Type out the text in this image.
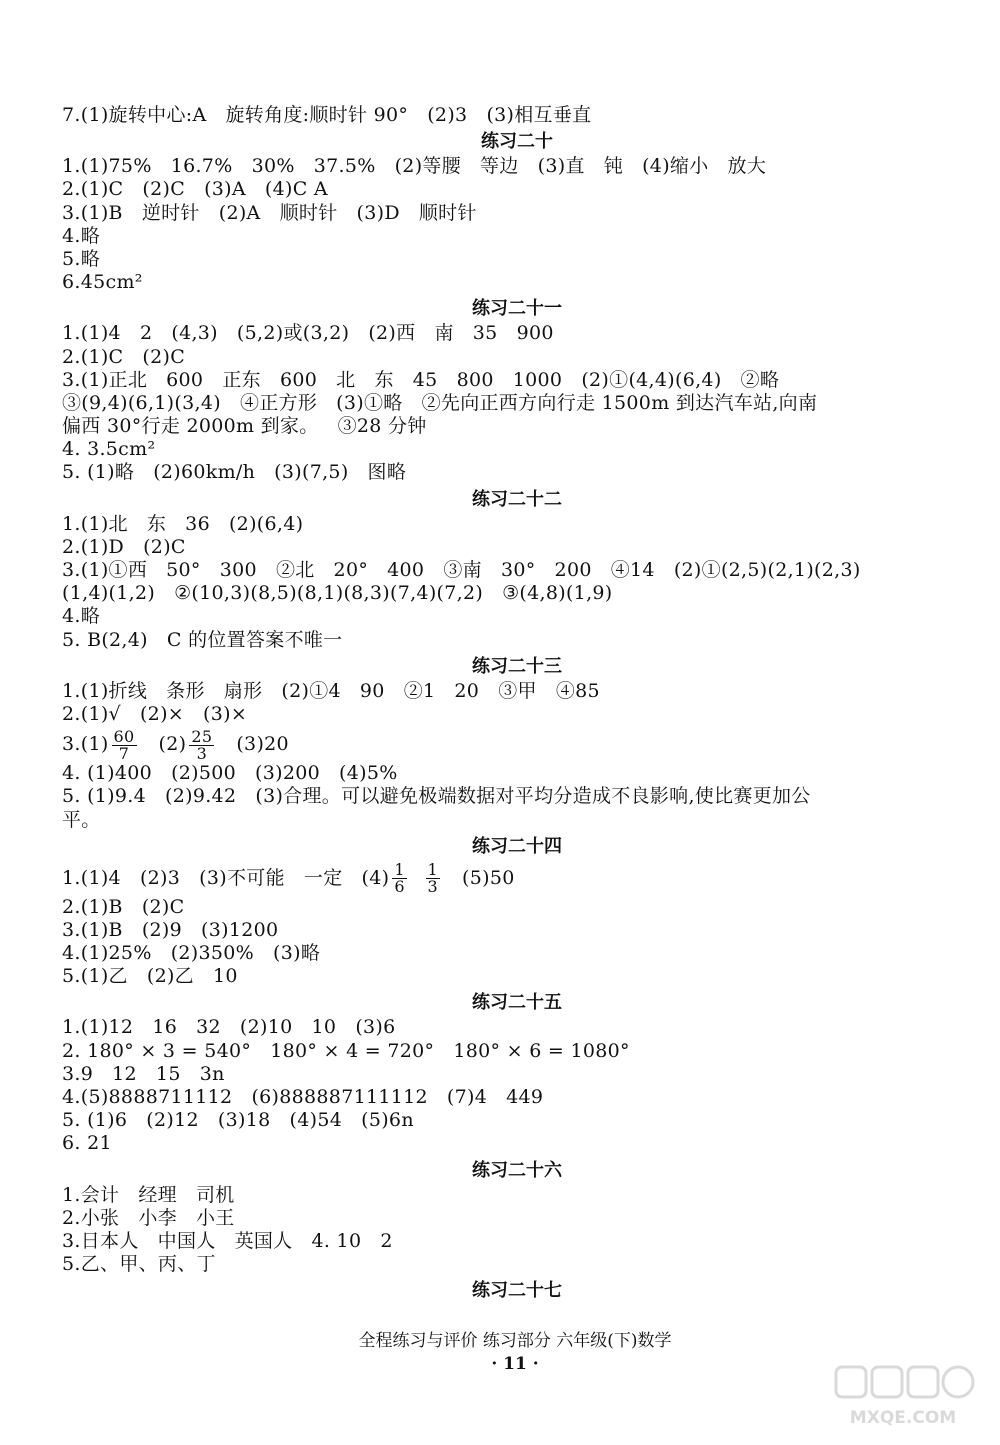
7.(1)旋转中心:A   旋转角度:顺时针 90°   (2)3   (3)相互垂直
练习二十
1.(1)75%   16.7%   30%   37.5%   (2)等腰   等边   (3)直   钝   (4)缩小   放大
2.(1)C   (2)C   (3)A   (4)C A
3.(1)B   逆时针   (2)A   顺时针   (3)D   顺时针
4.略
5.略
6.45cm²
练习二十一
1.(1)4   2   (4,3)   (5,2)或(3,2)   (2)西   南   35   900
2.(1)C   (2)C
3.(1)正北   600   正东   600   北   东   45   800   1000   (2)①(4,4)(6,4)   ②略
③(9,4)(6,1)(3,4)   ④正方形   (3)①略   ②先向正西方向行走 1500m 到达汽车站,向南
偏西 30°行走 2000m 到家。   ③28 分钟
4. 3.5cm²
5. (1)略   (2)60km/h   (3)(7,5)   图略
练习二十二
1.(1)北   东   36   (2)(6,4)
2.(1)D   (2)C
3.(1)①西   50°   300   ②北   20°   400   ③南   30°   200   ④14   (2)①(2,5)(2,1)(2,3)
(1,4)(1,2)   ②(10,3)(8,5)(8,1)(8,3)(7,4)(7,2)   ③(4,8)(1,9)
4.略
5. B(2,4)   C 的位置答案不唯一
练习二十三
1.(1)折线   条形   扇形   (2)①4   90   ②1   20   ③甲   ④85
2.(1)√   (2)×   (3)×
$3.(1) \frac{60}{7} (2) \frac{25}{3} (3)20$
4. (1)400   (2)500   (3)200   (4)5%
5. (1)9.4   (2)9.42   (3)合理。可以避免极端数据对平均分造成不良影响,使比赛更加公
平。
练习二十四
1.(1)4   (2)3   (3)不可能   一定   $(4) \frac{1}{6}$
$\frac{1}{3} (5)50$
2.(1)B   (2)C
3.(1)B   (2)9   (3)1200
4.(1)25%   (2)350%   (3)略
5.(1)乙   (2)乙   10
练习二十五
1.(1)12   16   32   (2)10   10   (3)6
2. 180° × 3 = 540°   180° × 4 = 720°   180° × 6 = 1080°
3.9   12   15   3n
4.(5)8888711112   (6)888887111112   (7)4   449
5. (1)6   (2)12   (3)18   (4)54   (5)6n
6. 21
练习二十六
1.会计   经理   司机
2.小张   小李   小王
3.日本人   中国人   英国人   4. 10   2
5.乙、甲、丙、丁
练习二十七
全程练习与评价 练习部分 六年级(下)数学
· 11 ·
MXQE.COM
